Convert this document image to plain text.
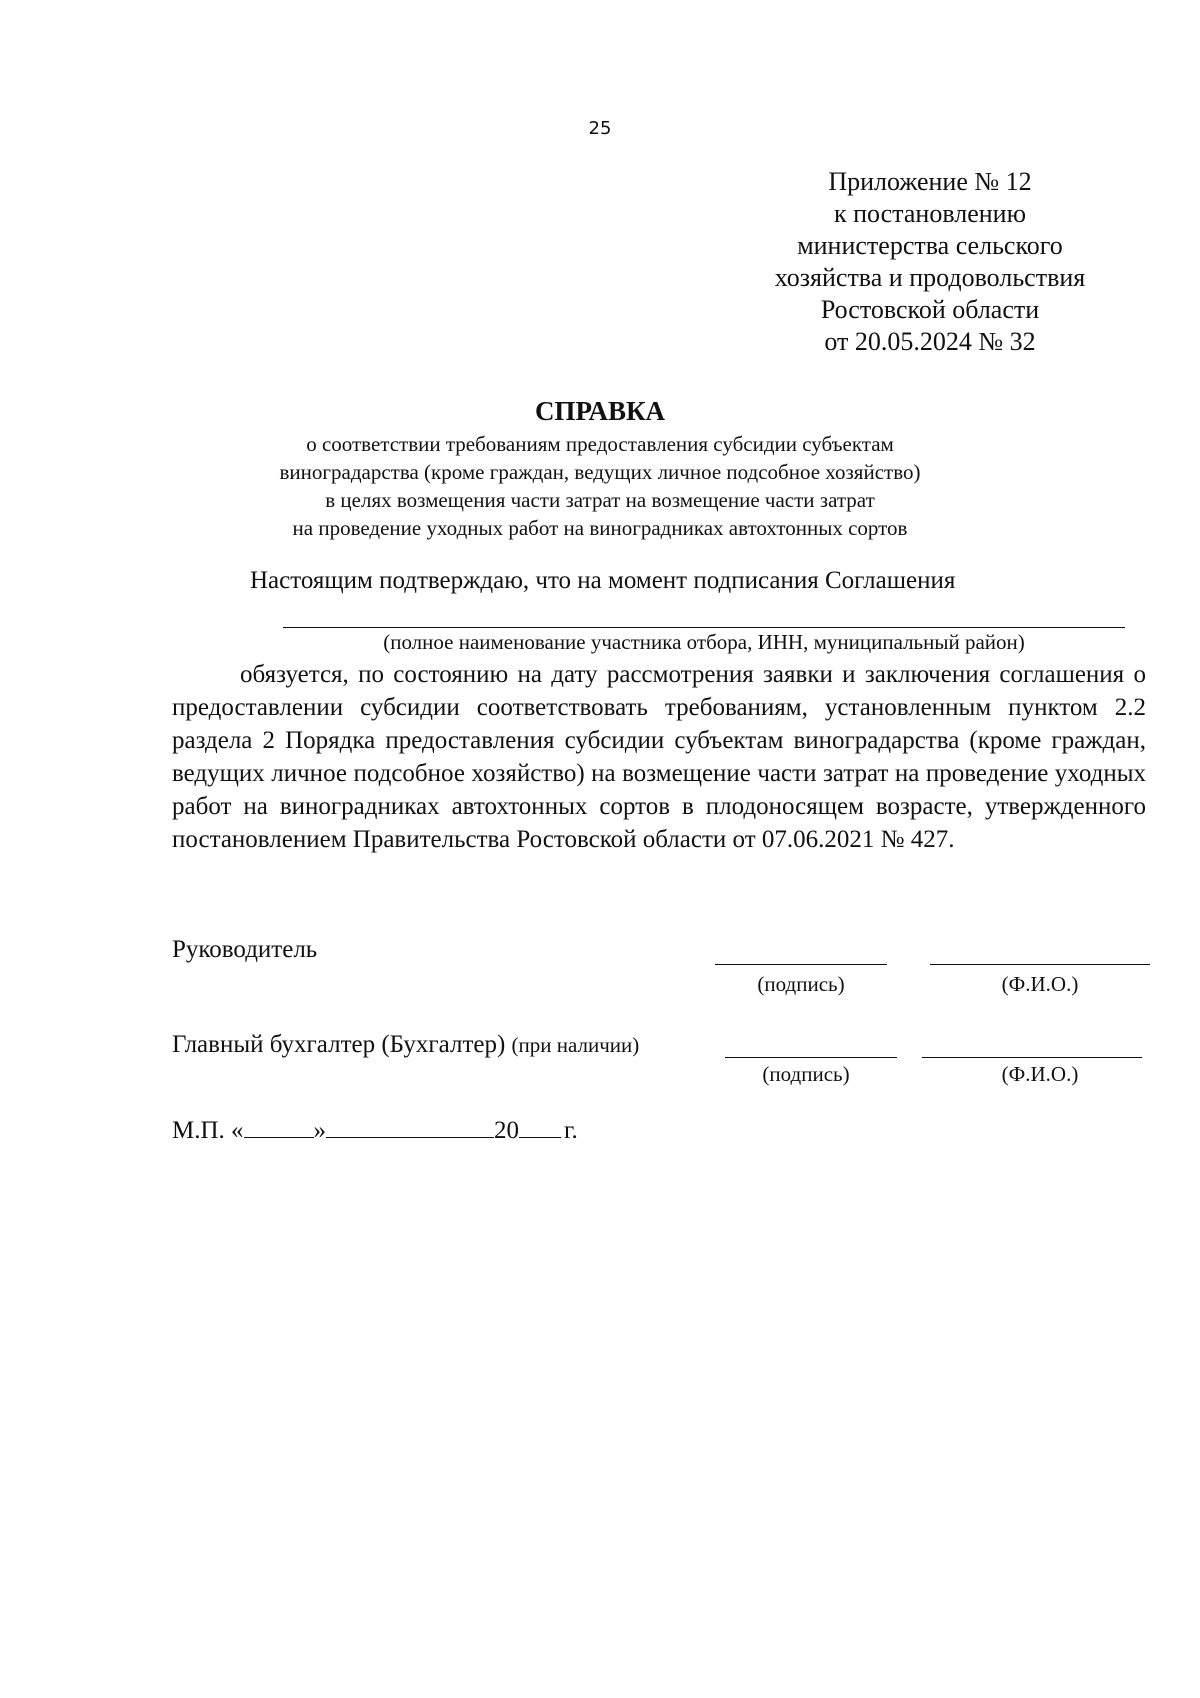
25
Приложение № 12
к постановлению
министерства сельского
хозяйства и продовольствия
Ростовской области
от 20.05.2024 № 32
СПРАВКА
о соответствии требованиям предоставления субсидии субъектам
виноградарства (кроме граждан, ведущих личное подсобное хозяйство)
в целях возмещения части затрат на возмещение части затрат
на проведение уходных работ на виноградниках автохтонных сортов
Настоящим подтверждаю, что на момент подписания Соглашения
(полное наименование участника отбора, ИНН, муниципальный район)
обязуется, по состоянию на дату рассмотрения заявки и заключения соглашения о предоставлении субсидии соответствовать требованиям, установленным пунктом 2.2 раздела 2 Порядка предоставления субсидии субъектам виноградарства (кроме граждан, ведущих личное подсобное хозяйство) на возмещение части затрат на проведение уходных работ на виноградниках автохтонных сортов в плодоносящем возрасте, утвержденного постановлением Правительства Ростовской области от 07.06.2021 № 427.
Руководитель
(подпись)	(Ф.И.О.)
Главный бухгалтер (Бухгалтер) (при наличии)
(подпись)	(Ф.И.О.)
М.П. «	»	20 г.
